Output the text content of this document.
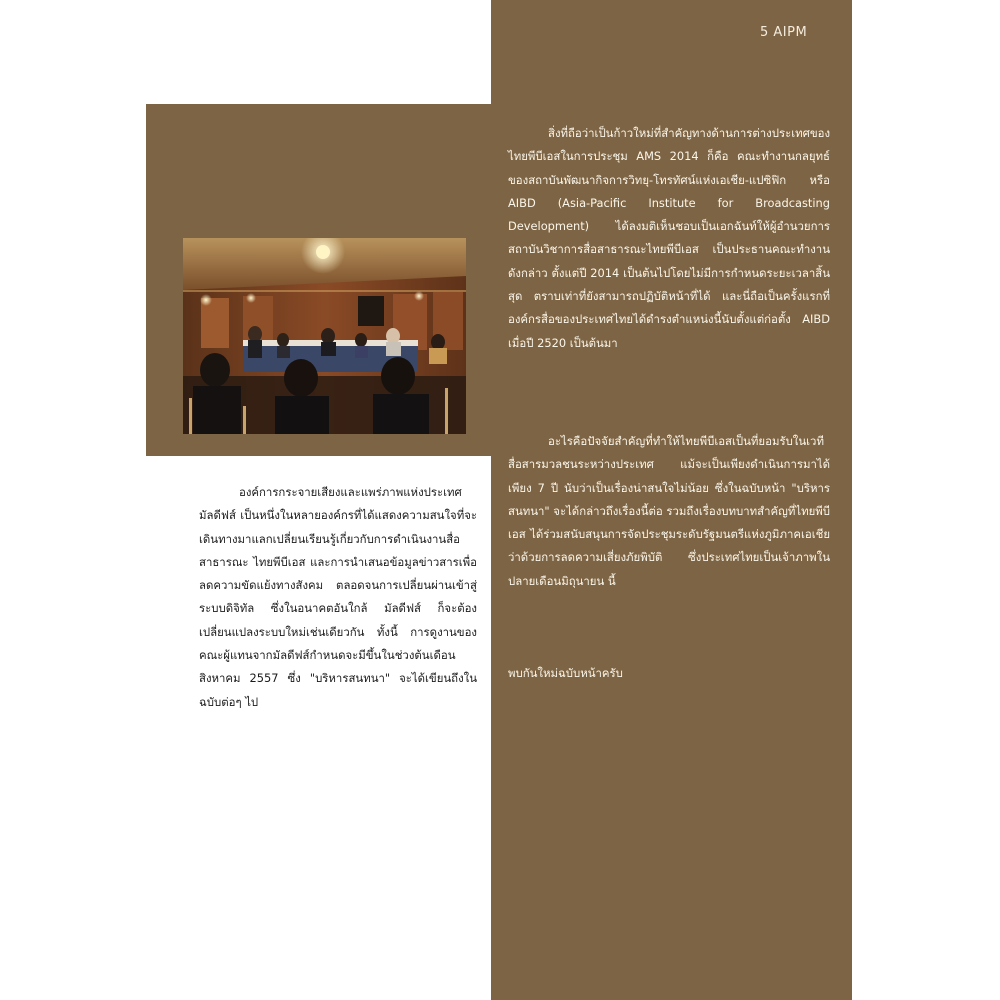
5 AIPM

สิ่งที่ถือว่าเป็นก้าวใหม่ที่สำคัญทางด้านการต่างประเทศของไทยพีบีเอสในการประชุม AMS 2014 ก็คือ คณะทำงานกลยุทธ์ของสถาบันพัฒนากิจการวิทยุ-โทรทัศน์แห่งเอเชีย-แปซิฟิก หรือ AIBD (Asia-Pacific Institute for Broadcasting Development) ได้ลงมติเห็นชอบเป็นเอกฉันท์ให้ผู้อำนวยการสถาบันวิชาการสื่อสาธารณะไทยพีบีเอส เป็นประธานคณะทำงานดังกล่าว ตั้งแต่ปี 2014 เป็นต้นไปโดยไม่มีการกำหนดระยะเวลาสิ้นสุด ตราบเท่าที่ยังสามารถปฏิบัติหน้าที่ได้ และนี่ถือเป็นครั้งแรกที่องค์กรสื่อของประเทศไทยได้ดำรงตำแหน่งนี้นับตั้งแต่ก่อตั้ง AIBD เมื่อปี 2520 เป็นต้นมา

อะไรคือปัจจัยสำคัญที่ทำให้ไทยพีบีเอสเป็นที่ยอมรับในเวทีสื่อสารมวลชนระหว่างประเทศ แม้จะเป็นเพียงดำเนินการมาได้เพียง 7 ปี นับว่าเป็นเรื่องน่าสนใจไม่น้อย ซึ่งในฉบับหน้า "บริหารสนทนา" จะได้กล่าวถึงเรื่องนี้ต่อ รวมถึงเรื่องบทบาทสำคัญที่ไทยพีบีเอส ได้ร่วมสนับสนุนการจัดประชุมระดับรัฐมนตรีแห่งภูมิภาคเอเชียว่าด้วยการลดความเสี่ยงภัยพิบัติ ซึ่งประเทศไทยเป็นเจ้าภาพในปลายเดือนมิถุนายน นี้

พบกันใหม่ฉบับหน้าครับ

องค์การกระจายเสียงและแพร่ภาพแห่งประเทศมัลดีฟส์ เป็นหนึ่งในหลายองค์กรที่ได้แสดงความสนใจที่จะเดินทางมาแลกเปลี่ยนเรียนรู้เกี่ยวกับการดำเนินงานสื่อสาธารณะ ไทยพีบีเอส และการนำเสนอข้อมูลข่าวสารเพื่อลดความขัดแย้งทางสังคม ตลอดจนการเปลี่ยนผ่านเข้าสู่ระบบดิจิทัล ซึ่งในอนาคตอันใกล้ มัลดีฟส์ ก็จะต้องเปลี่ยนแปลงระบบใหม่เช่นเดียวกัน ทั้งนี้ การดูงานของคณะผู้แทนจากมัลดีฟส์กำหนดจะมีขึ้นในช่วงต้นเดือนสิงหาคม 2557 ซึ่ง "บริหารสนทนา" จะได้เขียนถึงในฉบับต่อๆ ไป
